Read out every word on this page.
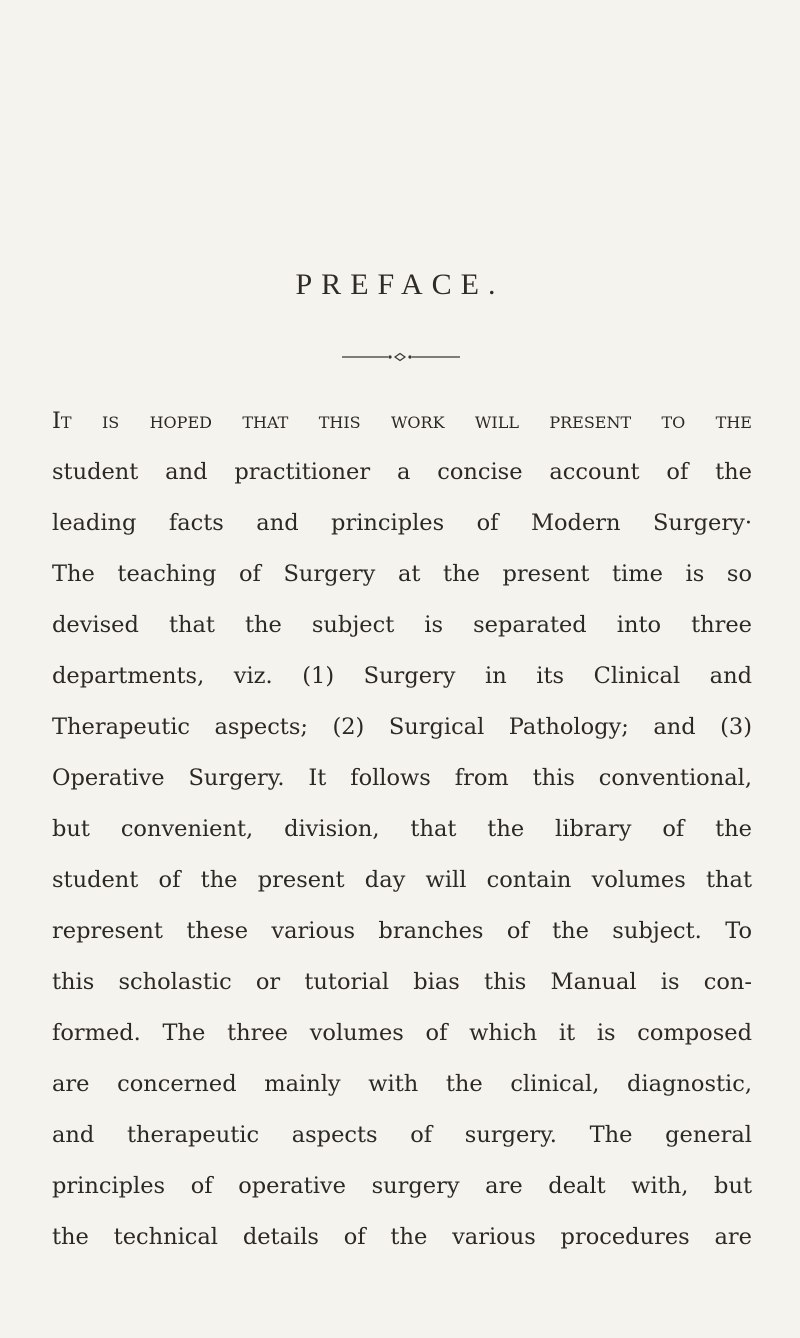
PREFACE.
It is hoped that this work will present to the
student and practitioner a concise account of the
leading facts and principles of Modern Surgery·
The teaching of Surgery at the present time is so
devised that the subject is separated into three
departments, viz. (1) Surgery in its Clinical and
Therapeutic aspects; (2) Surgical Pathology; and (3)
Operative Surgery. It follows from this conventional,
but convenient, division, that the library of the
student of the present day will contain volumes that
represent these various branches of the subject. To
this scholastic or tutorial bias this Manual is con-
formed. The three volumes of which it is composed
are concerned mainly with the clinical, diagnostic,
and therapeutic aspects of surgery. The general
principles of operative surgery are dealt with, but
the technical details of the various procedures are
